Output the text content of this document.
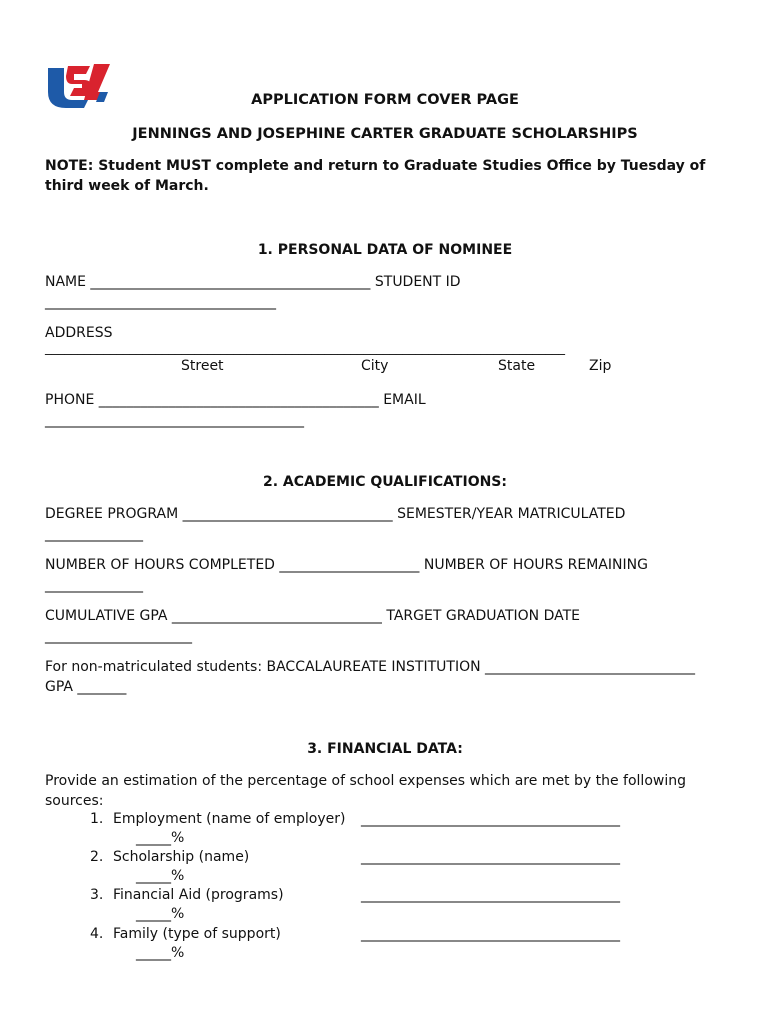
APPLICATION FORM COVER PAGE
JENNINGS AND JOSEPHINE CARTER GRADUATE SCHOLARSHIPS
NOTE: Student MUST complete and return to Graduate Studies Office by Tuesday of
third week of March.
1. PERSONAL DATA OF NOMINEE
NAME ________________________________________ STUDENT ID
_________________________________
ADDRESS
________________________________________________________________________________
Street	City	State	Zip
PHONE ________________________________________ EMAIL
_____________________________________
2. ACADEMIC QUALIFICATIONS:
DEGREE PROGRAM ______________________________ SEMESTER/YEAR MATRICULATED
______________
NUMBER OF HOURS COMPLETED ____________________ NUMBER OF HOURS REMAINING
______________
CUMULATIVE GPA ______________________________ TARGET GRADUATION DATE
_____________________
For non-matriculated students: BACCALAUREATE INSTITUTION ______________________________
GPA _______
3. FINANCIAL DATA:
Provide an estimation of the percentage of school expenses which are met by the following
sources:
1. Employment (name of employer) _____________________________________
_____%
2. Scholarship (name)	_____________________________________
_____%
3. Financial Aid (programs)	_____________________________________
_____%
4. Family (type of support)	_____________________________________
_____%
